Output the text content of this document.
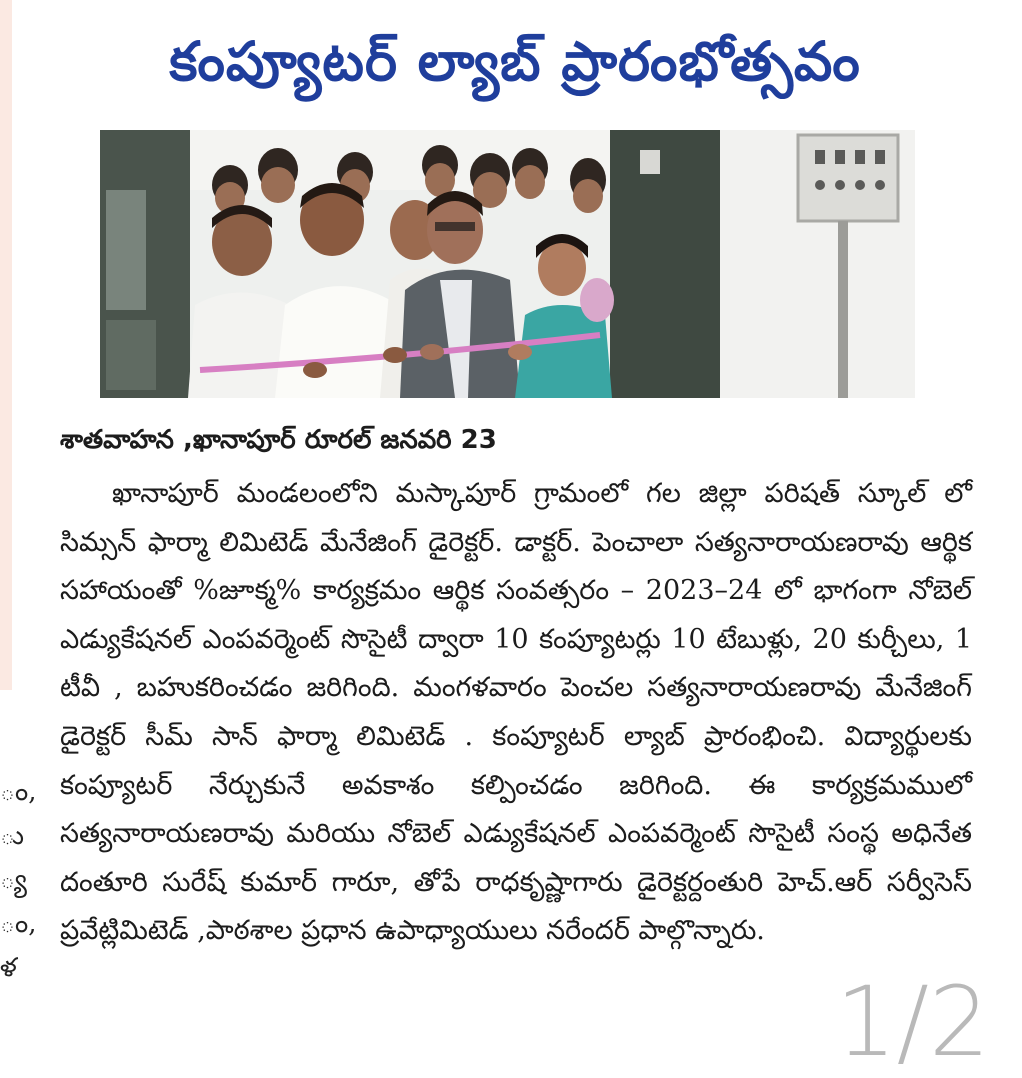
ం,
ు
్య
ం,
ళ
కంప్యూటర్ ల్యాబ్ ప్రారంభోత్సవం
శాతవాహన ,ఖానాపూర్ రూరల్ జనవరి 23

ఖానాపూర్ మండలంలోని మస్కాపూర్ గ్రామంలో గల జిల్లా పరిషత్ స్కూల్ లో సిమ్సన్ ఫార్మా లిమిటెడ్ మేనేజింగ్ డైరెక్టర్. డాక్టర్. పెంచాలా సత్యనారాయణరావు ఆర్థిక సహాయంతో %జూక్మ% కార్యక్రమం ఆర్థిక సంవత్సరం – 2023–24 లో భాగంగా నోబెల్ ఎడ్యుకేషనల్ ఎంపవర్మెంట్ సొసైటీ ద్వారా 10 కంప్యూటర్లు 10 టేబుళ్లు, 20 కుర్చీలు, 1 టీవీ , బహుకరించడం జరిగింది. మంగళవారం పెంచల సత్యనారాయణరావు మేనేజింగ్ డైరెక్టర్ సీమ్ సాన్ ఫార్మా లిమిటెడ్ . కంప్యూటర్ ల్యాబ్ ప్రారంభించి. విద్యార్థులకు కంప్యూటర్ నేర్చుకునే అవకాశం కల్పించడం జరిగింది. ఈ కార్యక్రమములో సత్యనారాయణరావు మరియు నోబెల్ ఎడ్యుకేషనల్ ఎంపవర్మెంట్ సొసైటీ సంస్థ అధినేత దంతూరి సురేష్ కుమార్ గారూ, తోపే రాధకృష్ణాగారు డైరెక్టర్దంతురి హెచ్.ఆర్ సర్వీసెస్ ప్రవేట్లిమిటెడ్ ,పాఠశాల ప్రధాన ఉపాధ్యాయులు నరేందర్ పాల్గొన్నారు.

1/2
